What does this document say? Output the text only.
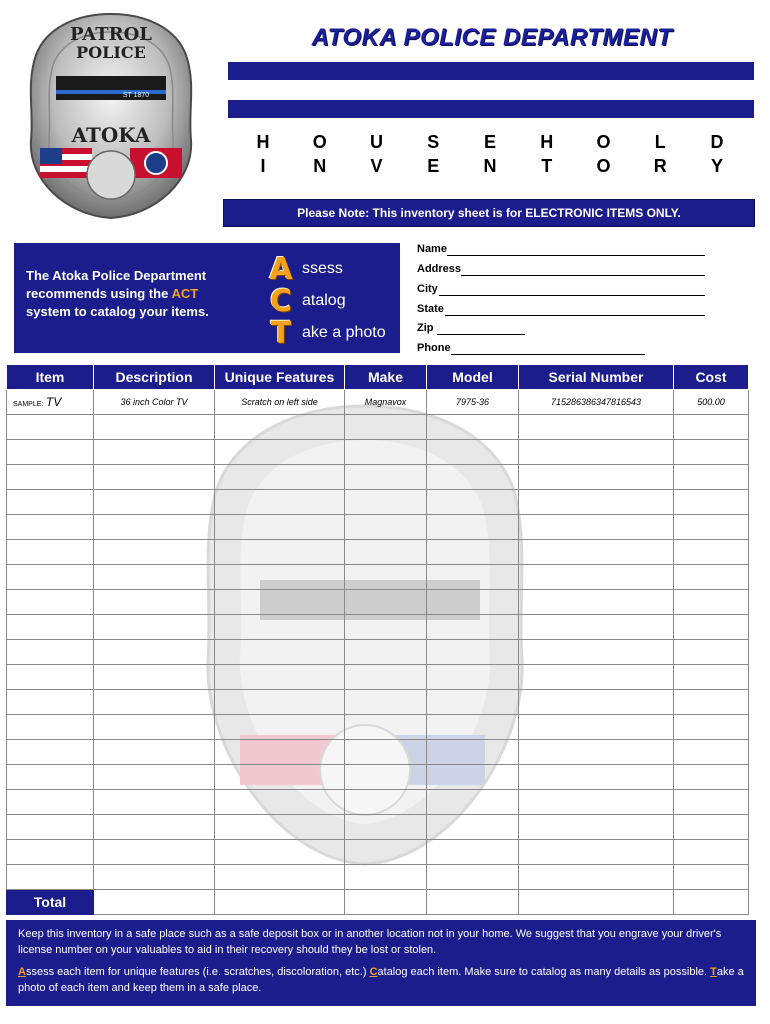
PATROL
POLICE
ST 1870
ATOKA
ATOKA POLICE DEPARTMENT
H O U S E H O L D
I	N V E N T O R Y
Please Note: This inventory sheet is for ELECTRONIC ITEMS ONLY.
The Atoka Police Department recommends using the ACT system to catalog your items.
A ssess
C atalog
T ake a photo
Name
Address
City
State
Zip
Phone
Item	Description	Unique Features	Make	Model	Serial Number	Cost
SAMPLE: TV	36 inch Color TV	Scratch on left side	Magnavox	7975-36	715286386347816543	500.00

Total						

Keep this inventory in a safe place such as a safe deposit box or in another location not in your home. We suggest that you engrave your driver's license number on your valuables to aid in their recovery should they be lost or stolen.

Assess each item for unique features (i.e. scratches, discoloration, etc.) Catalog each item. Make sure to catalog as many details as possible. Take a photo of each item and keep them in a safe place.
